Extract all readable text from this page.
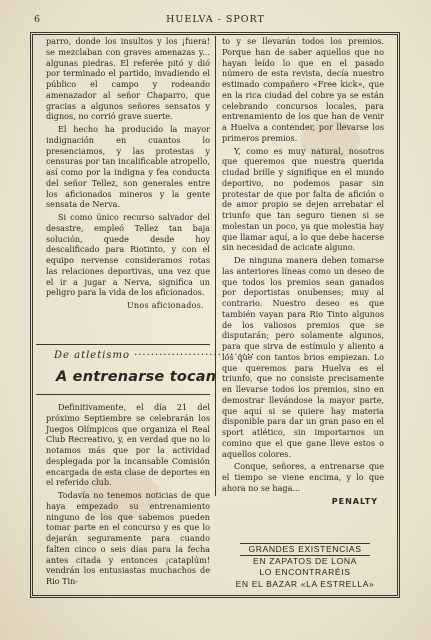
6	HUELVA - SPORT

parro, donde los insultos y los ¡fuera! se mezclaban con graves amenazas y... algunas piedras. El referée pitó y dió por terminado el partido, invadiendo el público el campo y rodeando amenazador al señor Chaparro, que gracias a algunos señores sensatos y dignos, no corrió grave suerte.

El hecho ha producido la mayor indignación en cuantos lo presenciamos, y las protestas y censuras por tan incalificable atropello, así como por la indigna y fea conducta del señor Tellez, son generales entre los aficionados mineros y la gente sensata de Nerva.

Si como único recurso salvador del desastre, empleó Tellez tan baja solución, quede desde hoy descalificado para Riotinto, y con el equipo nervense consideramos rotas las relaciones deportivas, una vez que el ir a jugar a Nerva, significa un peligro para la vida de los aficionados.

Unos aficionados.
De atletismo ·····························
A entrenarse tocan

Definitivamente, el día 21 del próximo Septiembre se celebrarán los Juegos Olímpicos que organiza el Real Club Recreativo, y, en verdad que no lo notamos más que por la actividad desplegada por la incansable Comisión encargada de esta clase de deportes en el referido club.

Todavía no tenemos noticias de que haya empezado su entrenamiento ninguno de los que sabemos pueden tomar parte en el concurso y es que lo dejarán seguramente para cuando falten cinco o seis días para la fecha antes citada y entonces ¡cataplúm! vendrán los entusiastas muchachos de Rio Tin-

to y se llevarán todos los premios. Porque han de saber aquellos que no hayan leído lo que en el pasado número de esta revista, decía nuestro estimado compañero «Free kick», que en la rica ciudad del cobre ya se están celebrando concursos locales, para entrenamiento de los que han de venir a Huelva a contender, por llevarse los primeros premios.

Y, como es muy natural, nosotros que queremos que nuestra querida ciudad brille y signifique en el mundo deportivo, no podemos pasar sin protestar de que por falta de afición o de amor propio se dejen arrebatar el triunfo que tan seguro tienen si se molestan un poco, ya que molestia hay que llamar aquí, a lo que debe hacerse sin necesidad de acicate alguno.

De ninguna manera deben tomarse las anteriores líneas como un deseo de que todos los premios sean ganados por deportistas onubenses; muy al contrario. Nuestro deseo es que también vayan para Rio Tinto algunos de los valiosos premios que se disputarán; pero solamente algunos, para que sirva de estímulo y aliento a los que con tantos brios empiezan. Lo que queremos para Huelva es el triunfo, que no consiste precisamente en llevarse todos los premios, sino en demostrar llevándose la mayor parte, que aquí si se quiere hay materia disponible para dar un gran paso en el sport atlético, sin importarnos un comino que el que gane lleve estos o aquellos colores.

Conque, señores, a entrenarse que el tiempo se viene encima, y lo que ahora no se haga...

PENALTY
GRANDES EXISTENCIAS
EN ZAPATOS DE LONA
LO ENCONTRARÉIS
EN EL BAZAR «LA ESTRELLA»
